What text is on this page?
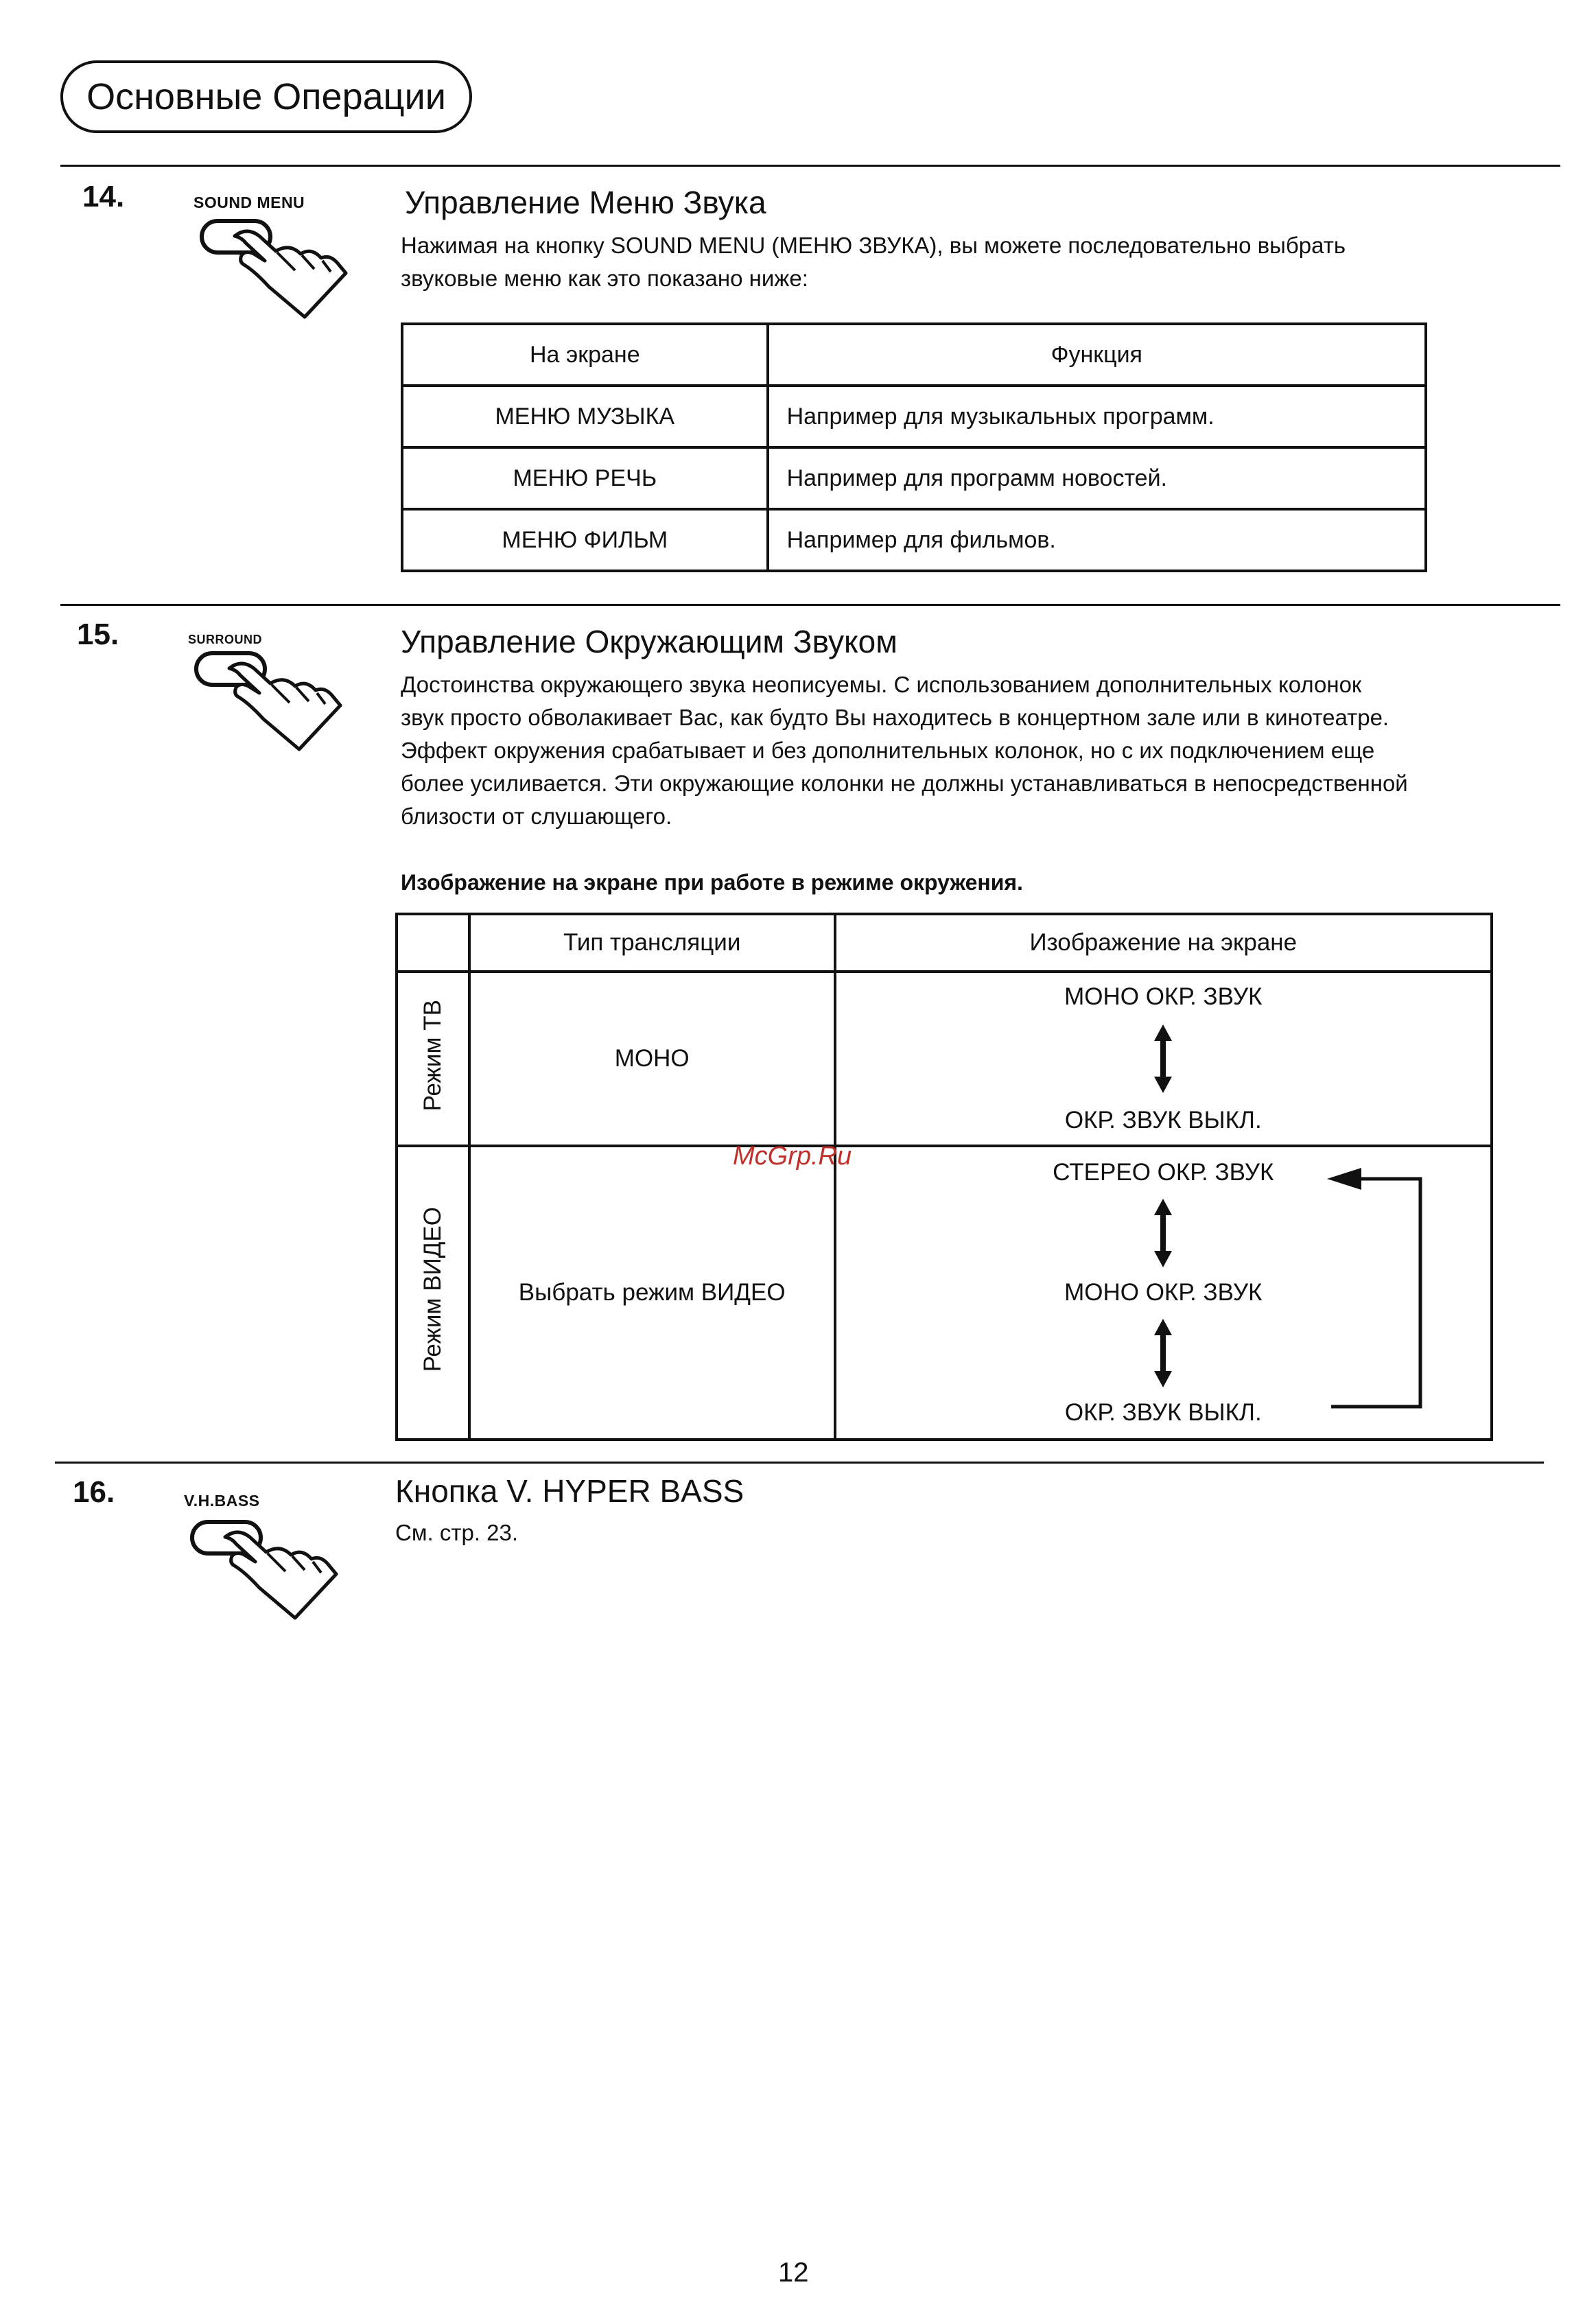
Основные Операции
14.	SOUND MENU	Управление Меню Звука
Нажимая на кнопку SOUND MENU (МЕНЮ ЗВУКА), вы можете последовательно выбрать
звуковые меню как это показано ниже:
На экране	Функция
МЕНЮ МУЗЫКА	Например для музыкальных программ.
МЕНЮ РЕЧЬ	Например для программ новостей.
МЕНЮ ФИЛЬМ	Например для фильмов.
15.	SURROUND	Управление Окружающим Звуком
Достоинства окружающего звука неописуемы. С использованием дополнительных колонок
звук просто обволакивает Вас, как будто Вы находитесь в концертном зале или в кинотеатре.
Эффект окружения срабатывает и без дополнительных колонок, но с их подключением еще
более усиливается. Эти окружающие колонки не должны устанавливаться в непосредственной
близости от слушающего.
Изображение на экране при работе в режиме окружения.
	Тип трансляции	Изображение на экране
Режим ТВ	МОНО	МОНО ОКР. ЗВУК
ОКР. ЗВУК ВЫКЛ.

Режим ВИДЕО	Выбрать режим ВИДЕО	СТЕРЕО ОКР. ЗВУК
МОНО ОКР. ЗВУК
ОКР. ЗВУК ВЫКЛ.
McGrp.Ru
16.	V.H.BASS	Кнопка V. HYPER BASS
См. стр. 23.
12
